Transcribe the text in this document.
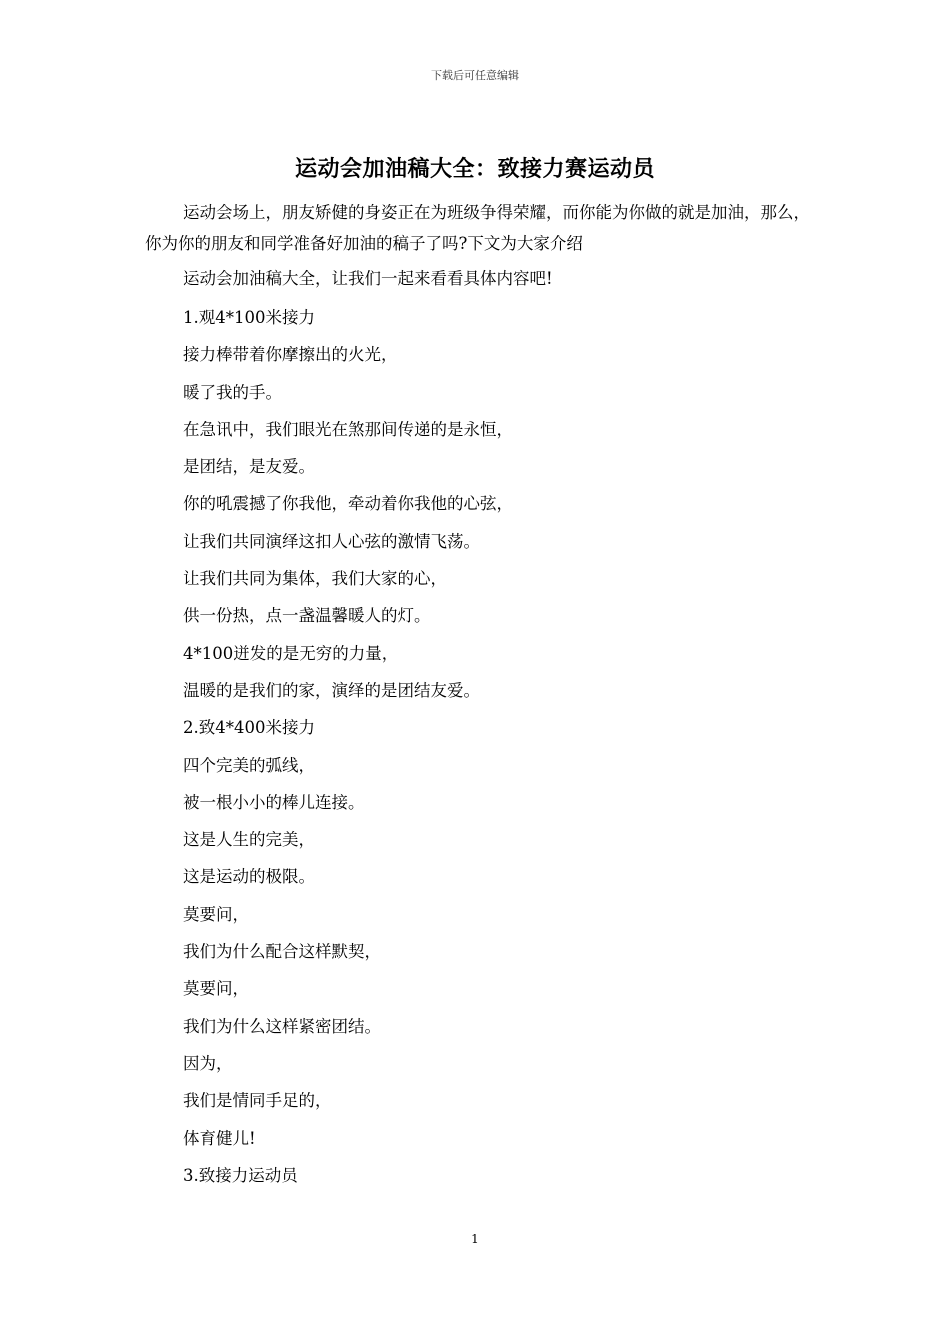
下载后可任意编辑
运动会加油稿大全：致接力赛运动员

运动会场上，朋友矫健的身姿正在为班级争得荣耀，而你能为你做的就是加油，那么，你为你的朋友和同学准备好加油的稿子了吗?下文为大家介绍

运动会加油稿大全，让我们一起来看看具体内容吧!
1.观4*100米接力
接力棒带着你摩擦出的火光，
暖了我的手。
在急讯中，我们眼光在煞那间传递的是永恒，
是团结，是友爱。
你的吼震撼了你我他，牵动着你我他的心弦，
让我们共同演绎这扣人心弦的激情飞荡。
让我们共同为集体，我们大家的心，
供一份热，点一盏温馨暖人的灯。
4*100迸发的是无穷的力量，
温暖的是我们的家，演绎的是团结友爱。
2.致4*400米接力
四个完美的弧线，
被一根小小的棒儿连接。
这是人生的完美，
这是运动的极限。
莫要问，
我们为什么配合这样默契，
莫要问，
我们为什么这样紧密团结。
因为，
我们是情同手足的，
体育健儿!
3.致接力运动员
1
